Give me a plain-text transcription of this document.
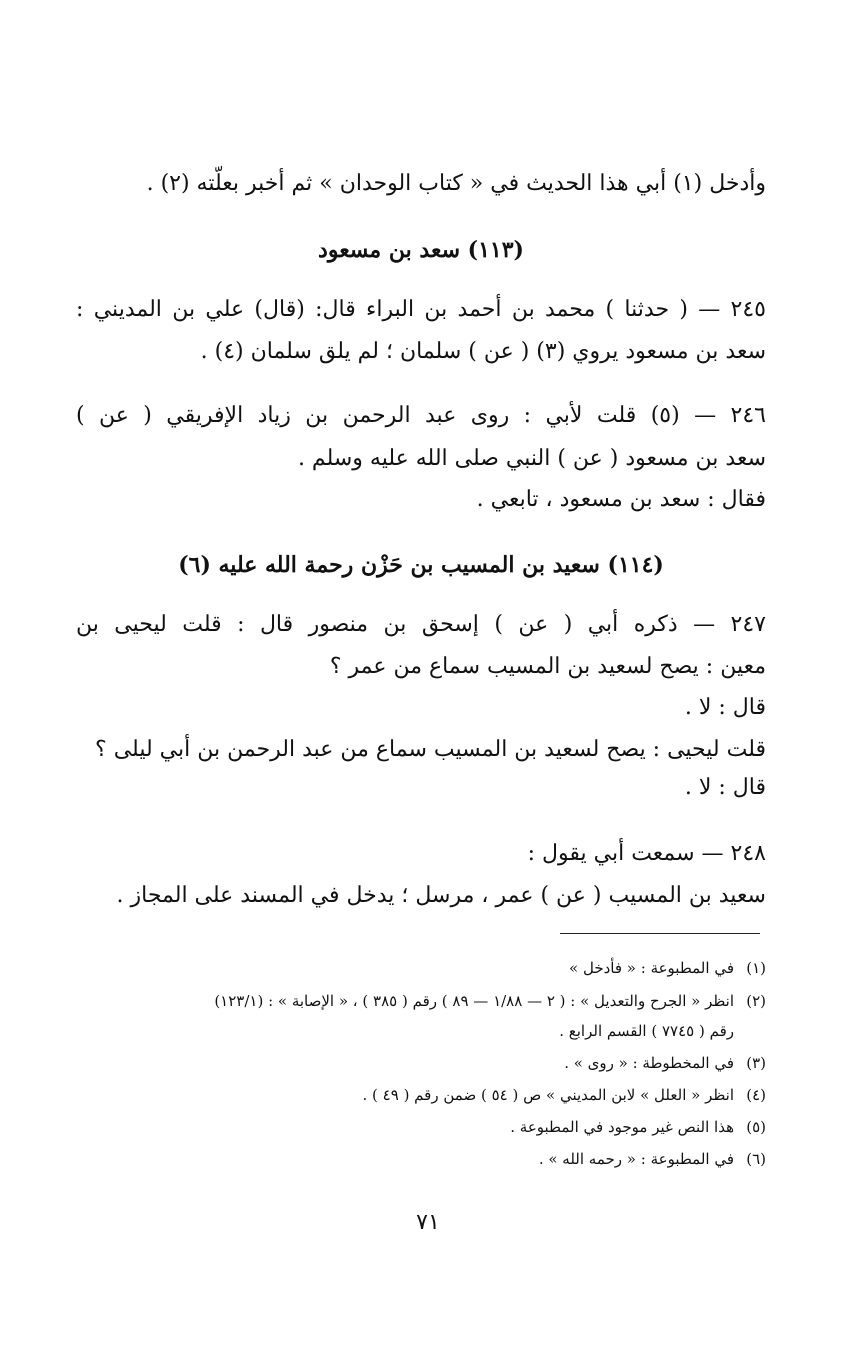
وأدخل (١) أبي هذا الحديث في « كتاب الوحدان » ثم أخبر بعلّته (٢) .
(١١٣) سعد بن مسعود
٢٤٥ — ( حدثنا ) محمد بن أحمد بن البراء قال: (قال) علي بن المديني :
سعد بن مسعود يروي (٣) ( عن ) سلمان ؛ لم يلق سلمان (٤) .
٢٤٦ — (٥) قلت لأبي : روى عبد الرحمن بن زياد الإفريقي ( عن )
سعد بن مسعود ( عن ) النبي صلى الله عليه وسلم .
فقال : سعد بن مسعود ، تابعي .
(١١٤) سعيد بن المسيب بن حَزْن رحمة الله عليه (٦)
٢٤٧ — ذكره أبي ( عن ) إسحق بن منصور قال : قلت ليحيى بن
معين : يصح لسعيد بن المسيب سماع من عمر ؟
قال : لا .
قلت ليحيى : يصح لسعيد بن المسيب سماع من عبد الرحمن بن أبي ليلى ؟
قال : لا .
٢٤٨ — سمعت أبي يقول :
سعيد بن المسيب ( عن ) عمر ، مرسل ؛ يدخل في المسند على المجاز .
(١)في المطبوعة : « فأدخل »
(٢)انظر « الجرح والتعديل » : ( ٢ — ١/٨٨ — ٨٩ ) رقم ( ٣٨٥ ) ، « الإصابة » : (١٢٣/١)
رقم ( ٧٧٤٥ ) القسم الرابع .
(٣)في المخطوطة : « روى » .
(٤)انظر « العلل » لابن المديني » ص ( ٥٤ ) ضمن رقم ( ٤٩ ) .
(٥)هذا النص غير موجود في المطبوعة .
(٦)في المطبوعة : « رحمه الله » .
٧١
